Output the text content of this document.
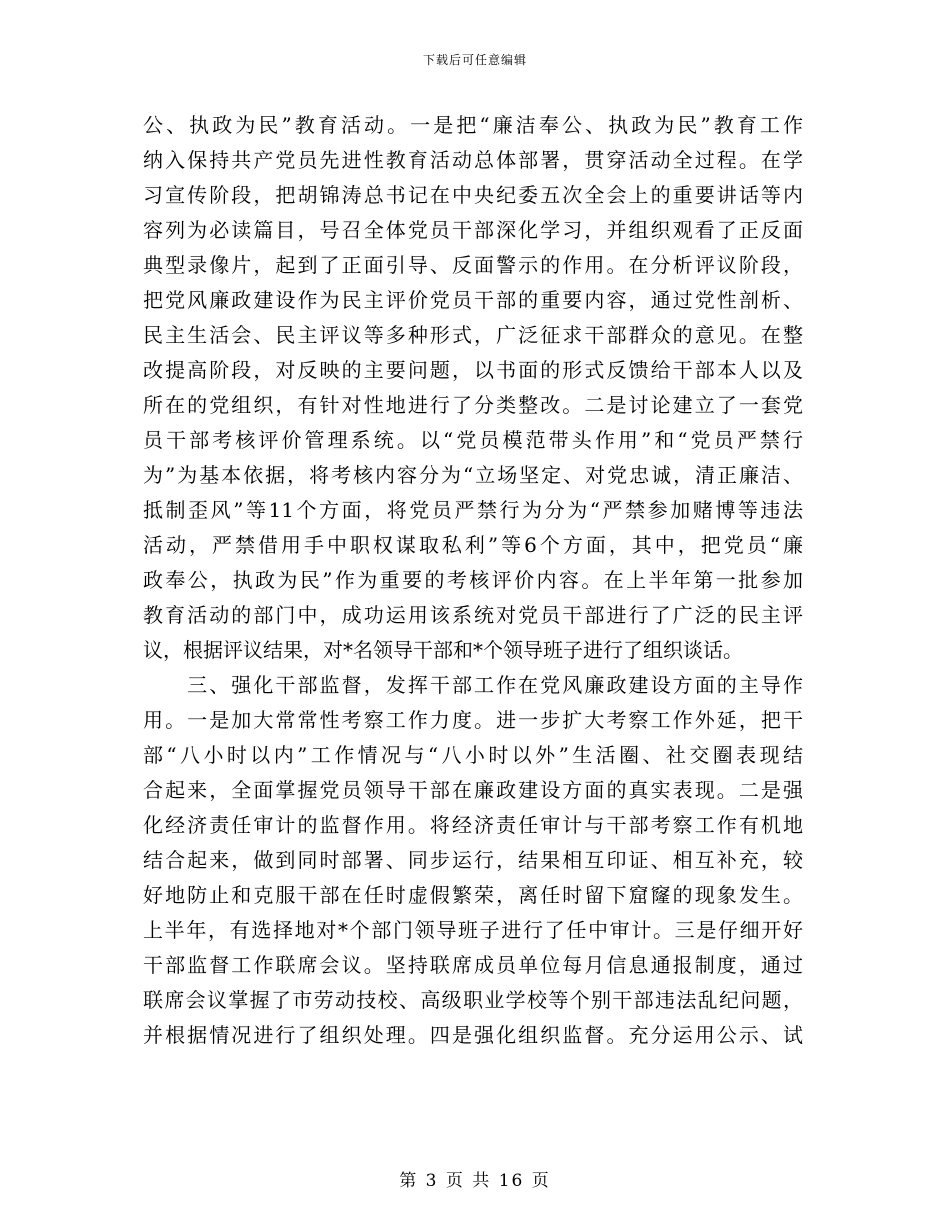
下载后可任意编辑
公、执政为民”教育活动。一是把“廉洁奉公、执政为民”教育工作
纳入保持共产党员先进性教育活动总体部署，贯穿活动全过程。在学
习宣传阶段，把胡锦涛总书记在中央纪委五次全会上的重要讲话等内
容列为必读篇目，号召全体党员干部深化学习，并组织观看了正反面
典型录像片，起到了正面引导、反面警示的作用。在分析评议阶段，
把党风廉政建设作为民主评价党员干部的重要内容，通过党性剖析、
民主生活会、民主评议等多种形式，广泛征求干部群众的意见。在整
改提高阶段，对反映的主要问题，以书面的形式反馈给干部本人以及
所在的党组织，有针对性地进行了分类整改。二是讨论建立了一套党
员干部考核评价管理系统。以“党员模范带头作用”和“党员严禁行
为”为基本依据，将考核内容分为“立场坚定、对党忠诚，清正廉洁、
抵制歪风”等11个方面，将党员严禁行为分为“严禁参加赌博等违法
活动，严禁借用手中职权谋取私利”等6个方面，其中，把党员“廉
政奉公，执政为民”作为重要的考核评价内容。在上半年第一批参加
教育活动的部门中，成功运用该系统对党员干部进行了广泛的民主评
议，根据评议结果，对*名领导干部和*个领导班子进行了组织谈话。
　　三、强化干部监督，发挥干部工作在党风廉政建设方面的主导作
用。一是加大常常性考察工作力度。进一步扩大考察工作外延，把干
部“八小时以内”工作情况与“八小时以外”生活圈、社交圈表现结
合起来，全面掌握党员领导干部在廉政建设方面的真实表现。二是强
化经济责任审计的监督作用。将经济责任审计与干部考察工作有机地
结合起来，做到同时部署、同步运行，结果相互印证、相互补充，较
好地防止和克服干部在任时虚假繁荣，离任时留下窟窿的现象发生。
上半年，有选择地对*个部门领导班子进行了任中审计。三是仔细开好
干部监督工作联席会议。坚持联席成员单位每月信息通报制度，通过
联席会议掌握了市劳动技校、高级职业学校等个别干部违法乱纪问题，
并根据情况进行了组织处理。四是强化组织监督。充分运用公示、试
第 3 页 共 16 页
